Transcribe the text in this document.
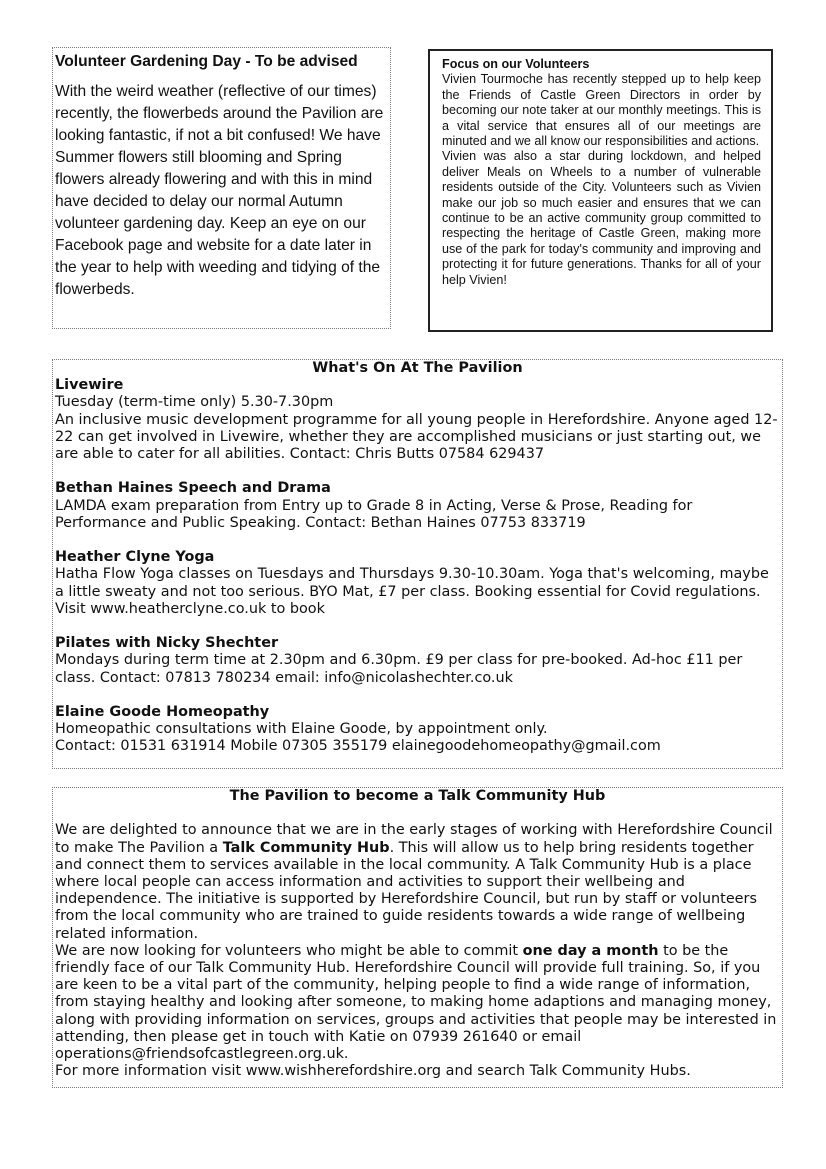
Volunteer Gardening Day - To be advised

With the weird weather (reflective of our times) recently, the flowerbeds around the Pavilion are looking fantastic, if not a bit confused! We have Summer flowers still blooming and Spring flowers already flowering and with this in mind have decided to delay our normal Autumn volunteer gardening day. Keep an eye on our Facebook page and website for a date later in the year to help with weeding and tidying of the flowerbeds.

Focus on our Volunteers

Vivien Tourmoche has recently stepped up to help keep the Friends of Castle Green Directors in order by becoming our note taker at our monthly meetings. This is a vital service that ensures all of our meetings are minuted and we all know our responsibilities and actions.

Vivien was also a star during lockdown, and helped deliver Meals on Wheels to a number of vulnerable residents outside of the City. Volunteers such as Vivien make our job so much easier and ensures that we can continue to be an active community group committed to respecting the heritage of Castle Green, making more use of the park for today's community and improving and protecting it for future generations. Thanks for all of your help Vivien!

What's On At The Pavilion
Livewire
Tuesday (term-time only) 5.30-7.30pm
An inclusive music development programme for all young people in Herefordshire. Anyone aged 12-22 can get involved in Livewire, whether they are accomplished musicians or just starting out, we are able to cater for all abilities. Contact: Chris Butts 07584 629437
Bethan Haines Speech and Drama
LAMDA exam preparation from Entry up to Grade 8 in Acting, Verse & Prose, Reading for Performance and Public Speaking. Contact: Bethan Haines 07753 833719
Heather Clyne Yoga
Hatha Flow Yoga classes on Tuesdays and Thursdays 9.30-10.30am. Yoga that's welcoming, maybe a little sweaty and not too serious. BYO Mat, £7 per class. Booking essential for Covid regulations. Visit www.heatherclyne.co.uk to book
Pilates with Nicky Shechter
Mondays during term time at 2.30pm and 6.30pm. £9 per class for pre-booked. Ad-hoc £11 per class. Contact: 07813 780234 email: info@nicolashechter.co.uk
Elaine Goode Homeopathy
Homeopathic consultations with Elaine Goode, by appointment only.
Contact: 01531 631914 Mobile 07305 355179 elainegoodehomeopathy@gmail.com
The Pavilion to become a Talk Community Hub

We are delighted to announce that we are in the early stages of working with Herefordshire Council to make The Pavilion a Talk Community Hub. This will allow us to help bring residents together and connect them to services available in the local community. A Talk Community Hub is a place where local people can access information and activities to support their wellbeing and independence. The initiative is supported by Herefordshire Council, but run by staff or volunteers from the local community who are trained to guide residents towards a wide range of wellbeing related information.

We are now looking for volunteers who might be able to commit one day a month to be the friendly face of our Talk Community Hub. Herefordshire Council will provide full training. So, if you are keen to be a vital part of the community, helping people to find a wide range of information, from staying healthy and looking after someone, to making home adaptions and managing money, along with providing information on services, groups and activities that people may be interested in attending, then please get in touch with Katie on 07939 261640 or email operations@friendsofcastlegreen.org.uk.

For more information visit www.wishherefordshire.org and search Talk Community Hubs.
